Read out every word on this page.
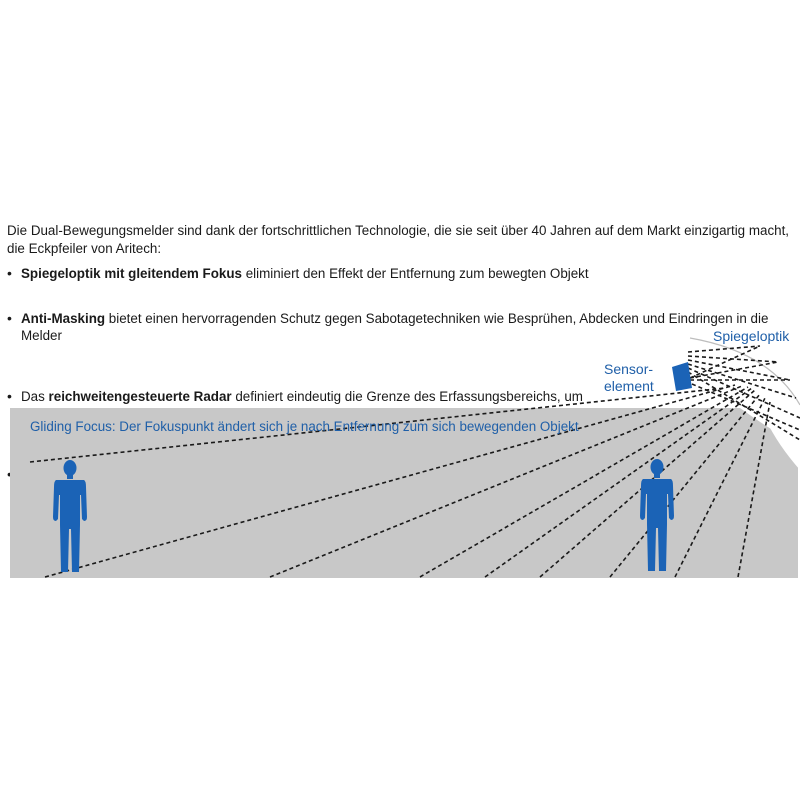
Die Dual-Bewegungsmelder sind dank der fortschrittlichen Technologie, die sie seit über 40 Jahren auf dem Markt einzigartig macht, die Eckpfeiler von Aritech:

• Spiegeloptik mit gleitendem Fokus eliminiert den Effekt der Entfernung zum bewegten Objekt
• Anti-Masking bietet einen hervorragenden Schutz gegen Sabotagetechniken wie Besprühen, Abdecken und Eindringen in die Melder
• Das reichweitengesteuerte Radar definiert eindeutig die Grenze des Erfassungsbereichs, um
•
Gliding Focus: Der Fokuspunkt ändert sich je nach Entfernung zum sich bewegenden Objekt
Spiegeloptik
Sensor-
element
